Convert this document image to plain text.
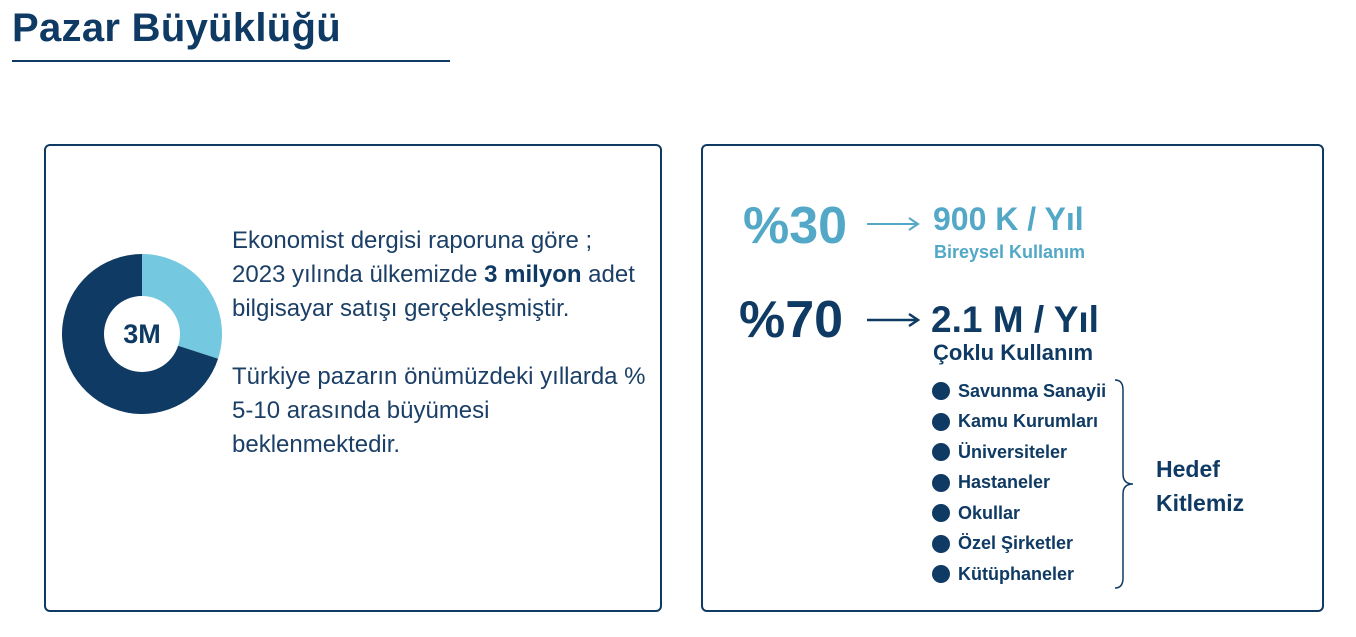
Pazar Büyüklüğü
3M

Ekonomist dergisi raporuna göre ; 2023 yılında ülkemizde 3 milyon adet bilgisayar satışı gerçekleşmiştir.

Türkiye pazarın önümüzdeki yıllarda % 5-10 arasında büyümesi beklenmektedir.

%30	900 K / Yıl
Bireysel Kullanım
%70 2.1 M / Yıl
Çoklu Kullanım
Savunma Sanayii
Kamu Kurumları
Üniversiteler
Hastaneler
Okullar
Özel Şirketler
Kütüphaneler

Hedef Kitlemiz
